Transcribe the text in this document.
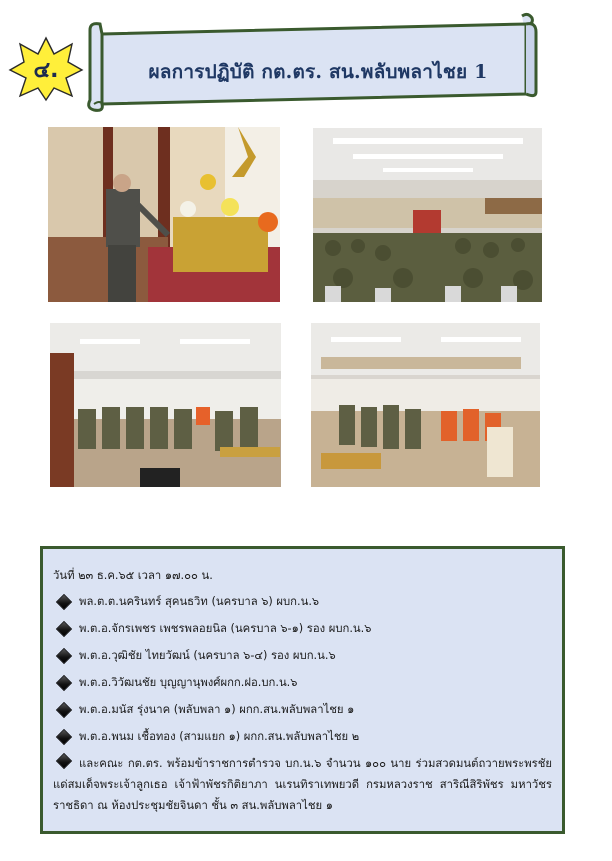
๔.	ผลการปฏิบัติ กต.ตร. สน.พลับพลาไชย 1
วันที่ ๒๓ ธ.ค.๖๕ เวลา ๑๗.๐๐ น.
พล.ต.ต.นครินทร์ สุคนธวิท (นครบาล ๖) ผบก.น.๖
พ.ต.อ.จักรเพชร เพชรพลอยนิล (นครบาล ๖-๑) รอง ผบก.น.๖
พ.ต.อ.วุฒิชัย ไทยวัฒน์ (นครบาล ๖-๔) รอง ผบก.น.๖
พ.ต.อ.วิวัฒนชัย บุญญานุพงศ์ผกก.ฝอ.บก.น.๖
พ.ต.อ.มนัส รุ่งนาค (พลับพลา ๑) ผกก.สน.พลับพลาไชย ๑
พ.ต.อ.พนม เชื้อทอง (สามแยก ๑) ผกก.สน.พลับพลาไชย ๒
และคณะ กต.ตร. พร้อมข้าราชการตำรวจ บก.น.๖ จำนวน ๑๐๐ นาย ร่วมสวดมนต์ถวายพระพรชัยแด่สมเด็จพระเจ้าลูกเธอ เจ้าฟ้าพัชรกิติยาภา นเรนทิราเทพยวดี กรมหลวงราช สาริณีสิริพัชร มหาวัชรราชธิดา ณ ห้องประชุมชัยจินดา ชั้น ๓ สน.พลับพลาไชย ๑
